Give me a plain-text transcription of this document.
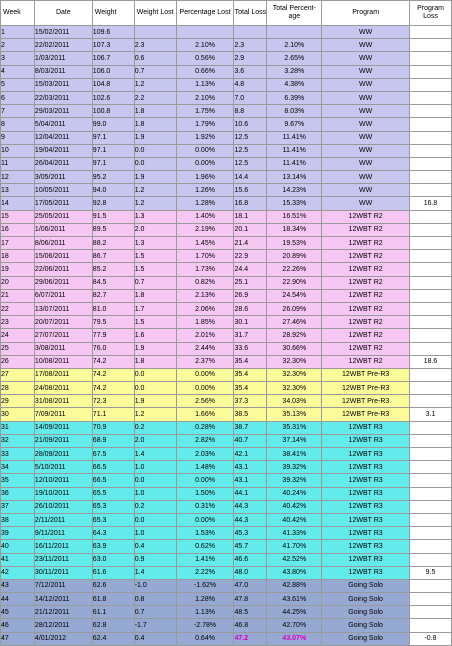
Week	Date	Weight	Weight Lost	Percentage Lost	Total Loss	Total Percent-age	Program	Program Loss
1	15/02/2011	109.6					WW	
2	22/02/2011	107.3	2.3	2.10%	2.3	2.10%	WW	
3	1/03/2011	106.7	0.6	0.56%	2.9	2.65%	WW	
4	8/03/2011	106.0	0.7	0.66%	3.6	3.28%	WW	
5	15/03/2011	104.8	1.2	1.13%	4.8	4.38%	WW	
6	22/03/2011	102.6	2.2	2.10%	7.0	6.39%	WW	
7	29/03/2011	100.8	1.8	1.75%	8.8	8.03%	WW	
8	5/04/2011	99.0	1.8	1.79%	10.6	9.67%	WW	
9	12/04/2011	97.1	1.9	1.92%	12.5	11.41%	WW	
10	19/04/2011	97.1	0.0	0.00%	12.5	11.41%	WW	
11	26/04/2011	97.1	0.0	0.00%	12.5	11.41%	WW	
12	3/05/2011	95.2	1.9	1.96%	14.4	13.14%	WW	
13	10/05/2011	94.0	1.2	1.26%	15.6	14.23%	WW	
14	17/05/2011	92.8	1.2	1.28%	16.8	15.33%	WW	16.8
15	25/05/2011	91.5	1.3	1.40%	18.1	16.51%	12WBT R2	
16	1/06/2011	89.5	2.0	2.19%	20.1	18.34%	12WBT R2	
17	8/06/2011	88.2	1.3	1.45%	21.4	19.53%	12WBT R2	
18	15/06/2011	86.7	1.5	1.70%	22.9	20.89%	12WBT R2	
19	22/06/2011	85.2	1.5	1.73%	24.4	22.26%	12WBT R2	
20	29/06/2011	84.5	0.7	0.82%	25.1	22.90%	12WBT R2	
21	6/07/2011	82.7	1.8	2.13%	26.9	24.54%	12WBT R2	
22	13/07/2011	81.0	1.7	2.06%	28.6	26.09%	12WBT R2	
23	20/07/2011	79.5	1.5	1.85%	30.1	27.46%	12WBT R2	
24	27/07/2011	77.9	1.6	2.01%	31.7	28.92%	12WBT R2	
25	3/08/2011	76.0	1.9	2.44%	33.6	30.66%	12WBT R2	
26	10/08/2011	74.2	1.8	2.37%	35.4	32.30%	12WBT R2	18.6
27	17/08/2011	74.2	0.0	0.00%	35.4	32.30%	12WBT Pre-R3	
28	24/08/2011	74.2	0.0	0.00%	35.4	32.30%	12WBT Pre-R3	
29	31/08/2011	72.3	1.9	2.56%	37.3	34.03%	12WBT Pre-R3	
30	7/09/2011	71.1	1.2	1.66%	38.5	35.13%	12WBT Pre-R3	3.1
31	14/09/2011	70.9	0.2	0.28%	38.7	35.31%	12WBT R3	
32	21/09/2011	68.9	2.0	2.82%	40.7	37.14%	12WBT R3	
33	28/09/2011	67.5	1.4	2.03%	42.1	38.41%	12WBT R3	
34	5/10/2011	66.5	1.0	1.48%	43.1	39.32%	12WBT R3	
35	12/10/2011	66.5	0.0	0.00%	43.1	39.32%	12WBT R3	
36	19/10/2011	65.5	1.0	1.50%	44.1	40.24%	12WBT R3	
37	26/10/2011	65.3	0.2	0.31%	44.3	40.42%	12WBT R3	
38	2/11/2011	65.3	0.0	0.00%	44.3	40.42%	12WBT R3	
39	9/11/2011	64.3	1.0	1.53%	45.3	41.33%	12WBT R3	
40	16/11/2011	63.9	0.4	0.62%	45.7	41.70%	12WBT R3	
41	23/11/2011	63.0	0.9	1.41%	46.6	42.52%	12WBT R3	
42	30/11/2011	61.6	1.4	2.22%	48.0	43.80%	12WBT R3	9.5
43	7/12/2011	62.6	-1.0	-1.62%	47.0	42.88%	Going Solo	
44	14/12/2011	61.8	0.8	1.28%	47.8	43.61%	Going Solo	
45	21/12/2011	61.1	0.7	1.13%	48.5	44.25%	Going Solo	
46	28/12/2011	62.8	-1.7	-2.78%	46.8	42.70%	Going Solo	
47	4/01/2012	62.4	0.4	0.64%	47.2	43.07%	Going Solo	-0.8
